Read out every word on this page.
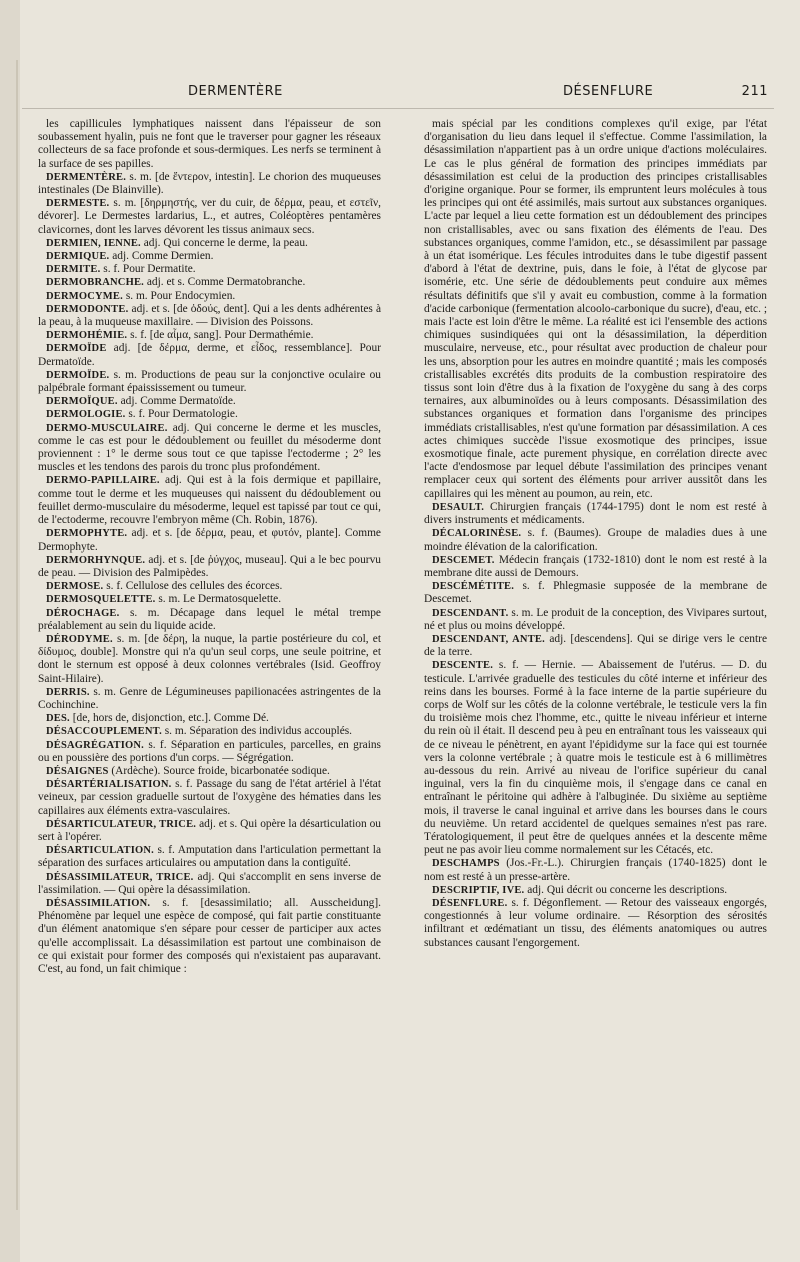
DERMENTÈRE	DÉSENFLURE	211

les capillicules lymphatiques naissent dans l'épaisseur de son soubassement hyalin, puis ne font que le traverser pour gagner les réseaux collecteurs de sa face profonde et sous-dermiques. Les nerfs se terminent à la surface de ses papilles.

DERMENTÈRE. s. m. [de ἔντερον, intestin]. Le chorion des muqueuses intestinales (De Blainville).

DERMESTE. s. m. [δηρμηστής, ver du cuir, de δέρμα, peau, et εστεῖν, dévorer]. Le Dermestes lardarius, L., et autres, Coléoptères pentamères clavicornes, dont les larves dévorent les tissus animaux secs.

DERMIEN, IENNE. adj. Qui concerne le derme, la peau.

DERMIQUE. adj. Comme Dermien.

DERMITE. s. f. Pour Dermatite.

DERMOBRANCHE. adj. et s. Comme Dermatobranche.

DERMOCYME. s. m. Pour Endocymien.

DERMODONTE. adj. et s. [de ὀδούς, dent]. Qui a les dents adhérentes à la peau, à la muqueuse maxillaire. — Division des Poissons.

DERMOHÉMIE. s. f. [de αἷμα, sang]. Pour Dermathémie.

DERMOÏDE adj. [de δέρμα, derme, et εἶδος, ressemblance]. Pour Dermatoïde.

DERMOÏDE. s. m. Productions de peau sur la conjonctive oculaire ou palpébrale formant épaississement ou tumeur.

DERMOÏQUE. adj. Comme Dermatoïde.

DERMOLOGIE. s. f. Pour Dermatologie.

DERMO-MUSCULAIRE. adj. Qui concerne le derme et les muscles, comme le cas est pour le dédoublement ou feuillet du mésoderme dont proviennent : 1° le derme sous tout ce que tapisse l'ectoderme ; 2° les muscles et les tendons des parois du tronc plus profondément.

DERMO-PAPILLAIRE. adj. Qui est à la fois dermique et papillaire, comme tout le derme et les muqueuses qui naissent du dédoublement ou feuillet dermo-musculaire du mésoderme, lequel est tapissé par tout ce qui, de l'ectoderme, recouvre l'embryon même (Ch. Robin, 1876).

DERMOPHYTE. adj. et s. [de δέρμα, peau, et φυτόν, plante]. Comme Dermophyte.

DERMORHYNQUE. adj. et s. [de ῥύγχος, museau]. Qui a le bec pourvu de peau. — Division des Palmipèdes.

DERMOSE. s. f. Cellulose des cellules des écorces.

DERMOSQUELETTE. s. m. Le Dermatosquelette.

DÉROCHAGE. s. m. Décapage dans lequel le métal trempe préalablement au sein du liquide acide.

DÉRODYME. s. m. [de δέρη, la nuque, la partie postérieure du col, et δίδυμος, double]. Monstre qui n'a qu'un seul corps, une seule poitrine, et dont le sternum est opposé à deux colonnes vertébrales (Isid. Geoffroy Saint-Hilaire).

DERRIS. s. m. Genre de Légumineuses papilionacées astringentes de la Cochinchine.

DES. [de, hors de, disjonction, etc.]. Comme Dé.

DÉSACCOUPLEMENT. s. m. Séparation des individus accouplés.

DÉSAGRÉGATION. s. f. Séparation en particules, parcelles, en grains ou en poussière des portions d'un corps. — Ségrégation.

DÉSAIGNES (Ardèche). Source froide, bicarbonatée sodique.

DÉSARTÉRIALISATION. s. f. Passage du sang de l'état artériel à l'état veineux, par cession graduelle surtout de l'oxygène des hématies dans les capillaires aux éléments extra-vasculaires.

DÉSARTICULATEUR, TRICE. adj. et s. Qui opère la désarticulation ou sert à l'opérer.

DÉSARTICULATION. s. f. Amputation dans l'articulation permettant la séparation des surfaces articulaires ou amputation dans la contiguïté.

DÉSASSIMILATEUR, TRICE. adj. Qui s'accomplit en sens inverse de l'assimilation. — Qui opère la désassimilation.

DÉSASSIMILATION. s. f. [desassimilatio; all. Ausscheidung]. Phénomène par lequel une espèce de composé, qui fait partie constituante d'un élément anatomique s'en sépare pour cesser de participer aux actes qu'elle accomplissait. La désassimilation est partout une combinaison de ce qui existait pour former des composés qui n'existaient pas auparavant. C'est, au fond, un fait chimique :

mais spécial par les conditions complexes qu'il exige, par l'état d'organisation du lieu dans lequel il s'effectue. Comme l'assimilation, la désassimilation n'appartient pas à un ordre unique d'actions moléculaires. Le cas le plus général de formation des principes immédiats par désassimilation est celui de la production des principes cristallisables d'origine organique. Pour se former, ils empruntent leurs molécules à tous les principes qui ont été assimilés, mais surtout aux substances organiques. L'acte par lequel a lieu cette formation est un dédoublement des principes non cristallisables, avec ou sans fixation des éléments de l'eau. Des substances organiques, comme l'amidon, etc., se désassimilent par passage à un état isomérique. Les fécules introduites dans le tube digestif passent d'abord à l'état de dextrine, puis, dans le foie, à l'état de glycose par isomérie, etc. Une série de dédoublements peut conduire aux mêmes résultats définitifs que s'il y avait eu combustion, comme à la formation d'acide carbonique (fermentation alcoolo-carbonique du sucre), d'eau, etc. ; mais l'acte est loin d'être le même. La réalité est ici l'ensemble des actions chimiques susindiquées qui ont la désassimilation, la déperdition musculaire, nerveuse, etc., pour résultat avec production de chaleur pour les uns, absorption pour les autres en moindre quantité ; mais les composés cristallisables excrétés dits produits de la combustion respiratoire des tissus sont loin d'être dus à la fixation de l'oxygène du sang à des corps ternaires, aux albuminoïdes ou à leurs composants. Désassimilation des substances organiques et formation dans l'organisme des principes immédiats cristallisables, n'est qu'une formation par désassimilation. A ces actes chimiques succède l'issue exosmotique des principes, issue exosmotique finale, acte purement physique, en corrélation directe avec l'acte d'endosmose par lequel débute l'assimilation des principes venant remplacer ceux qui sortent des éléments pour arriver aussitôt dans les capillaires qui les mènent au poumon, au rein, etc.

DESAULT. Chirurgien français (1744-1795) dont le nom est resté à divers instruments et médicaments.

DÉCALORINÈSE. s. f. (Baumes). Groupe de maladies dues à une moindre élévation de la calorification.

DESCEMET. Médecin français (1732-1810) dont le nom est resté à la membrane dite aussi de Demours.

DESCÉMÉTITE. s. f. Phlegmasie supposée de la membrane de Descemet.

DESCENDANT. s. m. Le produit de la conception, des Vivipares surtout, né et plus ou moins développé.

DESCENDANT, ANTE. adj. [descendens]. Qui se dirige vers le centre de la terre.

DESCENTE. s. f. — Hernie. — Abaissement de l'utérus. — D. du testicule. L'arrivée graduelle des testicules du côté interne et inférieur des reins dans les bourses. Formé à la face interne de la partie supérieure du corps de Wolf sur les côtés de la colonne vertébrale, le testicule vers la fin du troisième mois chez l'homme, etc., quitte le niveau inférieur et interne du rein où il était. Il descend peu à peu en entraînant tous les vaisseaux qui de ce niveau le pénètrent, en ayant l'épididyme sur la face qui est tournée vers la colonne vertébrale ; à quatre mois le testicule est à 6 millimètres au-dessous du rein. Arrivé au niveau de l'orifice supérieur du canal inguinal, vers la fin du cinquième mois, il s'engage dans ce canal en entraînant le péritoine qui adhère à l'albuginée. Du sixième au septième mois, il traverse le canal inguinal et arrive dans les bourses dans le cours du neuvième. Un retard accidentel de quelques semaines n'est pas rare. Tératologiquement, il peut être de quelques années et la descente même peut ne pas avoir lieu comme normalement sur les Cétacés, etc.

DESCHAMPS (Jos.-Fr.-L.). Chirurgien français (1740-1825) dont le nom est resté à un presse-artère.

DESCRIPTIF, IVE. adj. Qui décrit ou concerne les descriptions.

DÉSENFLURE. s. f. Dégonflement. — Retour des vaisseaux engorgés, congestionnés à leur volume ordinaire. — Résorption des sérosités infiltrant et œdématiant un tissu, des éléments anatomiques ou autres substances causant l'engorgement.
